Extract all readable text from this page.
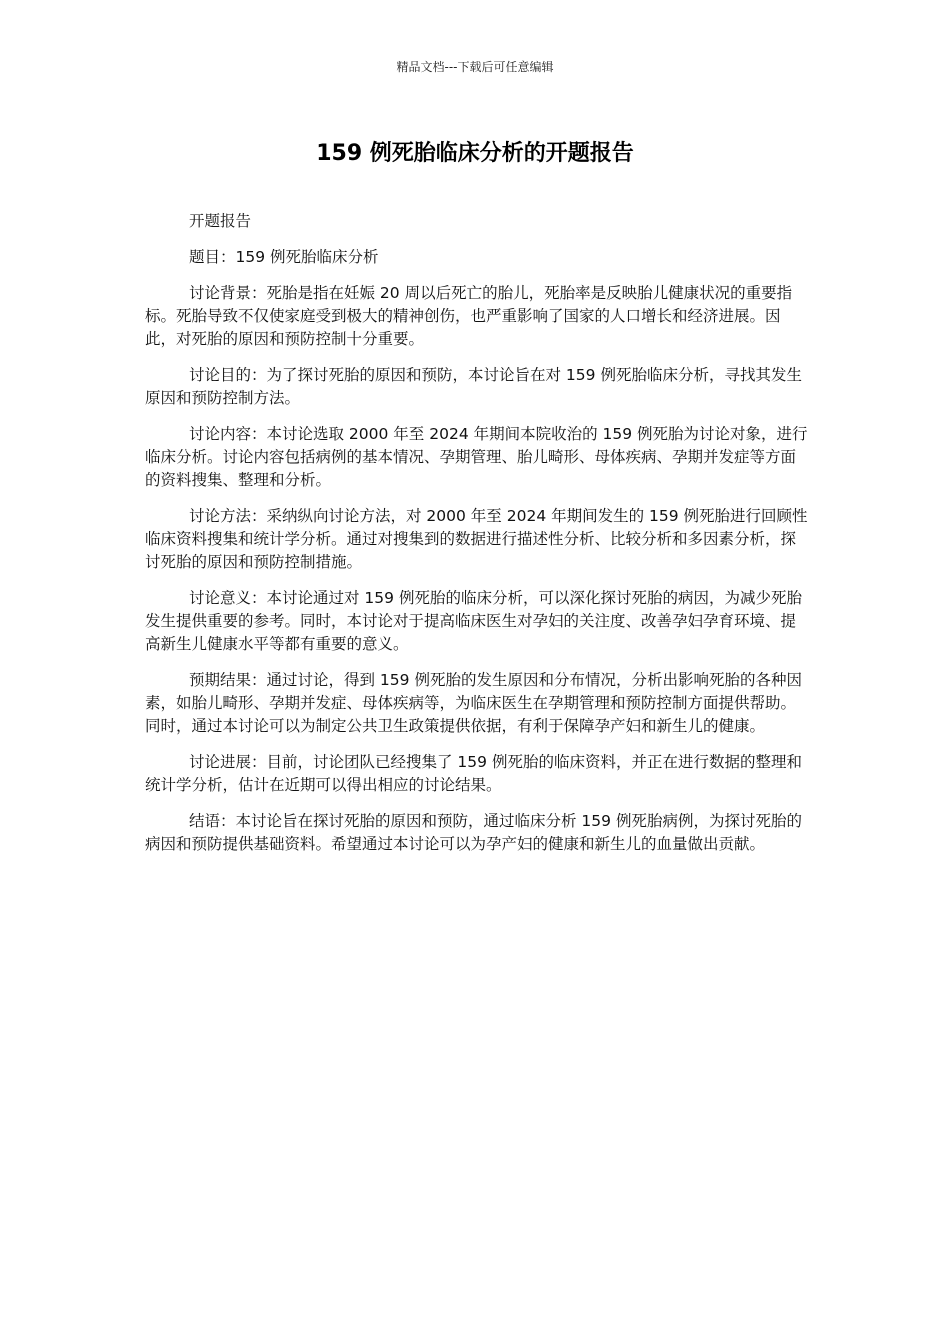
精品文档---下载后可任意编辑
159 例死胎临床分析的开题报告

开题报告

题目：159 例死胎临床分析

讨论背景：死胎是指在妊娠 20 周以后死亡的胎儿，死胎率是反映胎儿健康状况的重要指标。死胎导致不仅使家庭受到极大的精神创伤，也严重影响了国家的人口增长和经济进展。因此，对死胎的原因和预防控制十分重要。

讨论目的：为了探讨死胎的原因和预防，本讨论旨在对 159 例死胎临床分析，寻找其发生原因和预防控制方法。

讨论内容：本讨论选取 2000 年至 2024 年期间本院收治的 159 例死胎为讨论对象，进行临床分析。讨论内容包括病例的基本情况、孕期管理、胎儿畸形、母体疾病、孕期并发症等方面的资料搜集、整理和分析。

讨论方法：采纳纵向讨论方法，对 2000 年至 2024 年期间发生的 159 例死胎进行回顾性临床资料搜集和统计学分析。通过对搜集到的数据进行描述性分析、比较分析和多因素分析，探讨死胎的原因和预防控制措施。

讨论意义：本讨论通过对 159 例死胎的临床分析，可以深化探讨死胎的病因，为减少死胎发生提供重要的参考。同时，本讨论对于提高临床医生对孕妇的关注度、改善孕妇孕育环境、提高新生儿健康水平等都有重要的意义。

预期结果：通过讨论，得到 159 例死胎的发生原因和分布情况，分析出影响死胎的各种因素，如胎儿畸形、孕期并发症、母体疾病等，为临床医生在孕期管理和预防控制方面提供帮助。同时，通过本讨论可以为制定公共卫生政策提供依据，有利于保障孕产妇和新生儿的健康。

讨论进展：目前，讨论团队已经搜集了 159 例死胎的临床资料，并正在进行数据的整理和统计学分析，估计在近期可以得出相应的讨论结果。

结语：本讨论旨在探讨死胎的原因和预防，通过临床分析 159 例死胎病例，为探讨死胎的病因和预防提供基础资料。希望通过本讨论可以为孕产妇的健康和新生儿的血量做出贡献。
